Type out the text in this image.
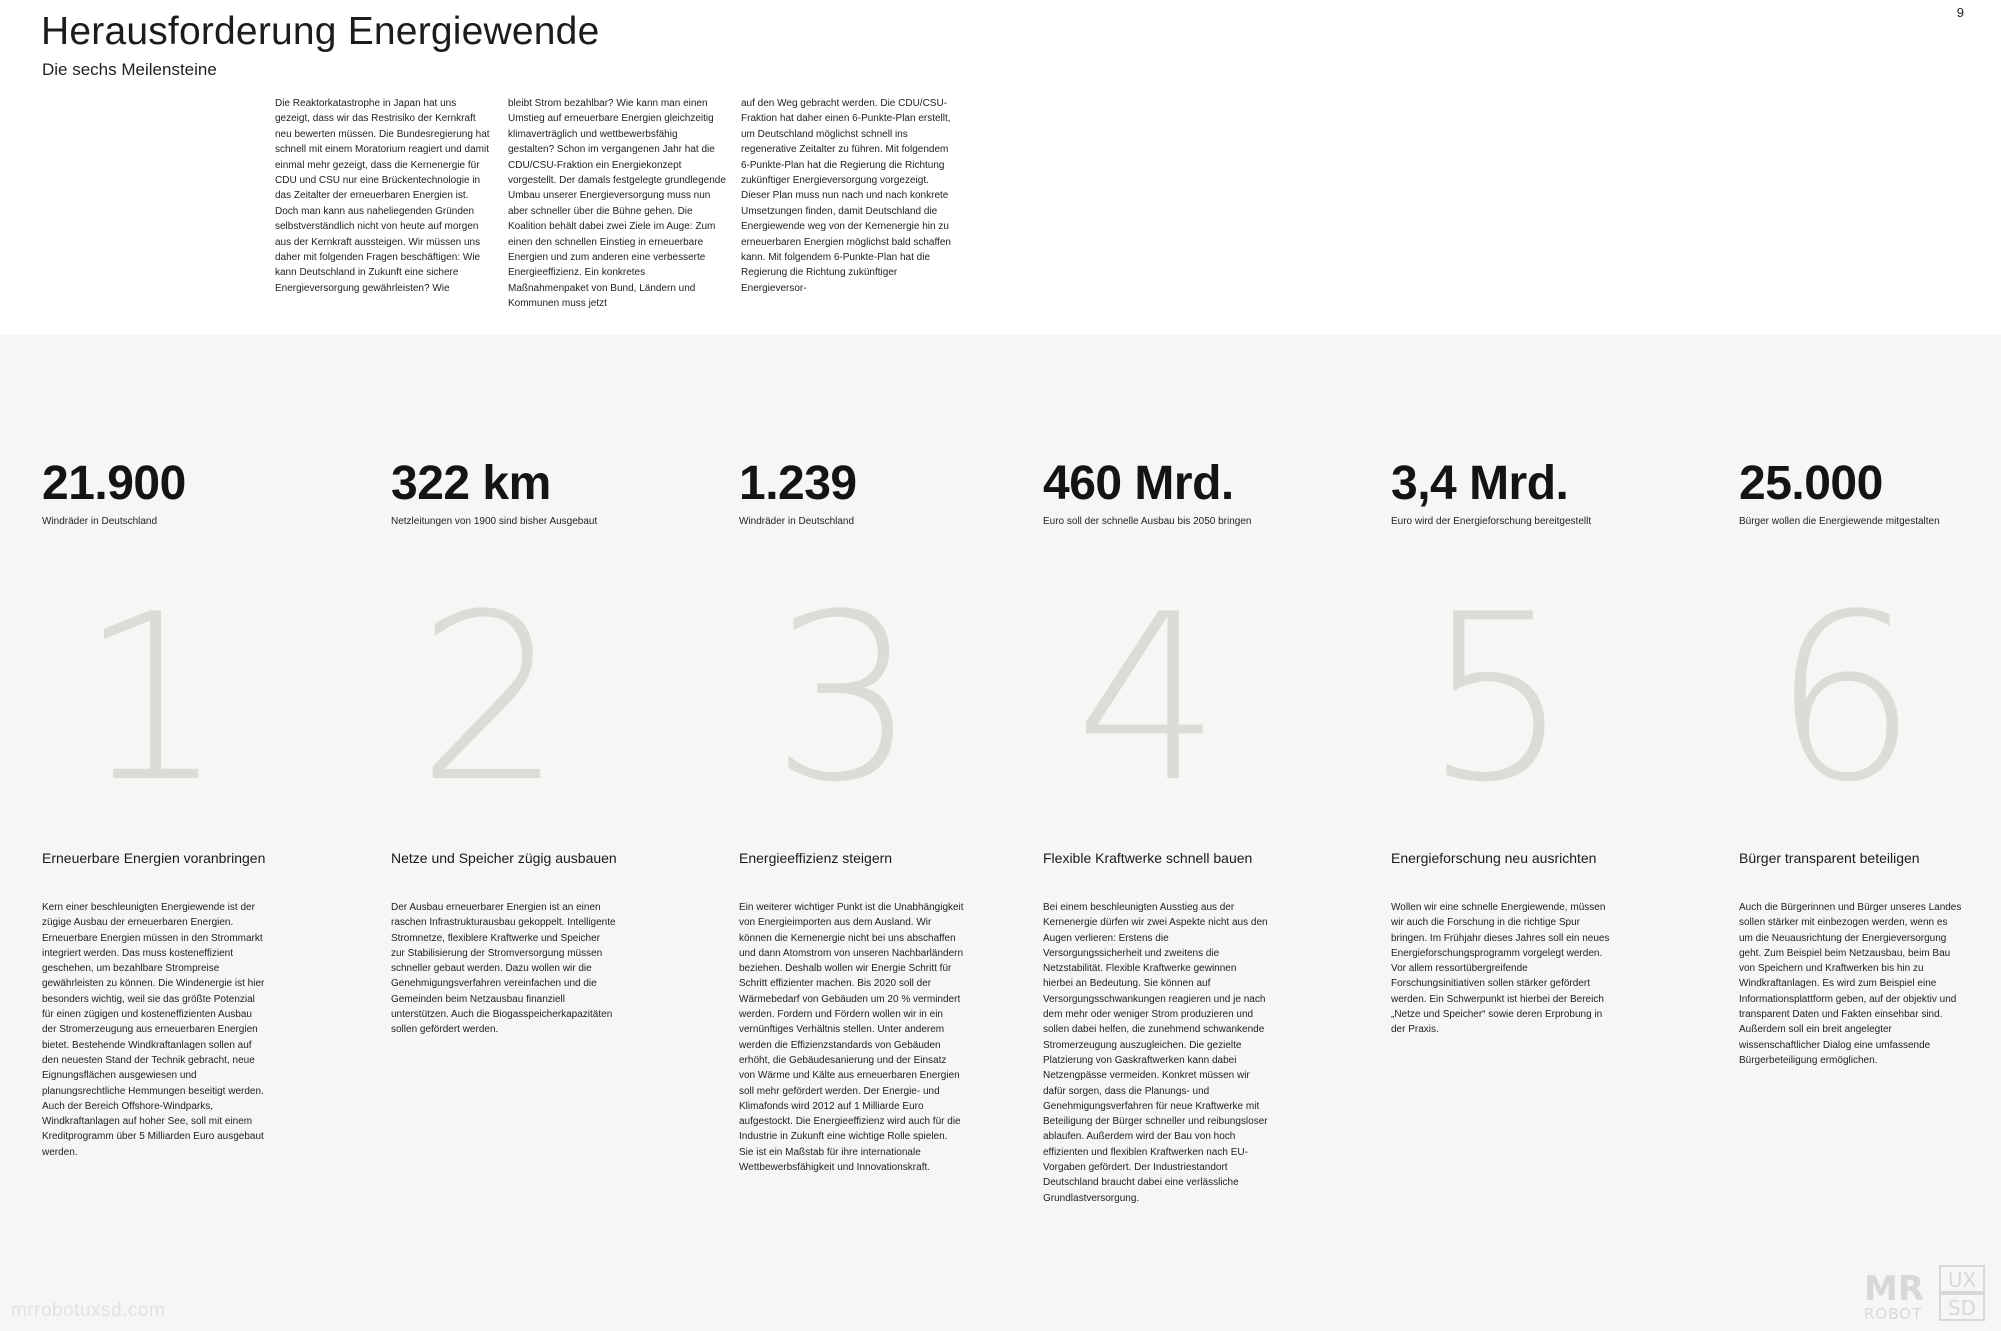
Herausforderung Energiewende
Die sechs Meilensteine
9

Die Reaktorkatastrophe in Japan hat uns gezeigt, dass wir das Restrisiko der Kernkraft neu bewerten müssen. Die Bundesregierung hat schnell mit einem Moratorium reagiert und damit einmal mehr gezeigt, dass die Kernenergie für CDU und CSU nur eine Brückentechnologie in das Zeitalter der erneuerbaren Energien ist. Doch man kann aus naheliegenden Gründen selbstverständlich nicht von heute auf morgen aus der Kernkraft aussteigen. Wir müssen uns daher mit folgenden Fragen beschäftigen: Wie kann Deutschland in Zukunft eine sichere Energieversorgung gewährleisten? Wie

bleibt Strom bezahlbar? Wie kann man einen Umstieg auf erneuerbare Energien gleichzeitig klimaverträglich und wettbewerbsfähig gestalten? Schon im vergangenen Jahr hat die CDU/CSU-Fraktion ein Energiekonzept vorgestellt. Der damals festgelegte grundlegende Umbau unserer Energieversorgung muss nun aber schneller über die Bühne gehen. Die Koalition behält dabei zwei Ziele im Auge: Zum einen den schnellen Einstieg in erneuerbare Energien und zum anderen eine verbesserte Energieeffizienz. Ein konkretes Maßnahmenpaket von Bund, Ländern und Kommunen muss jetzt

auf den Weg gebracht werden. Die CDU/CSU-Fraktion hat daher einen 6-Punkte-Plan erstellt, um Deutschland möglichst schnell ins regenerative Zeitalter zu führen. Mit folgendem 6-Punkte-Plan hat die Regierung die Richtung zukünftiger Energieversorgung vorgezeigt. Dieser Plan muss nun nach und nach konkrete Umsetzungen finden, damit Deutschland die Energiewende weg von der Kernenergie hin zu erneuerbaren Energien möglichst bald schaffen kann. Mit folgendem 6-Punkte-Plan hat die Regierung die Richtung zukünftiger Energieversor-

21.900
Windräder in Deutschland
322 km
Netzleitungen von 1900 sind bisher Ausgebaut
1.239
Windräder in Deutschland
460 Mrd.
Euro soll der schnelle Ausbau bis 2050 bringen
3,4 Mrd.
Euro wird der Energieforschung bereitgestellt
25.000
Bürger wollen die Energiewende mitgestalten
1 2 3 4 5 6
Erneuerbare Energien voranbringen

Kern einer beschleunigten Energiewende ist der zügige Ausbau der erneuerbaren Energien. Erneuerbare Energien müssen in den Strommarkt integriert werden. Das muss kosteneffizient geschehen, um bezahlbare Strompreise gewährleisten zu können. Die Windenergie ist hier besonders wichtig, weil sie das größte Potenzial für einen zügigen und kosteneffizienten Ausbau der Stromerzeugung aus erneuerbaren Energien bietet. Bestehende Windkraftanlagen sollen auf den neuesten Stand der Technik gebracht, neue Eignungsflächen ausgewiesen und planungsrechtliche Hemmungen beseitigt werden. Auch der Bereich Offshore-Windparks, Windkraftanlagen auf hoher See, soll mit einem Kreditprogramm über 5 Milliarden Euro ausgebaut werden.

Netze und Speicher zügig ausbauen

Der Ausbau erneuerbarer Energien ist an einen raschen Infrastrukturausbau gekoppelt. Intelligente Stromnetze, flexiblere Kraftwerke und Speicher zur Stabilisierung der Stromversorgung müssen schneller gebaut werden. Dazu wollen wir die Genehmigungsverfahren vereinfachen und die Gemeinden beim Netzausbau finanziell unterstützen. Auch die Biogasspeicherkapazitäten sollen gefördert werden.

Energieeffizienz steigern

Ein weiterer wichtiger Punkt ist die Unabhängigkeit von Energieimporten aus dem Ausland. Wir können die Kernenergie nicht bei uns abschaffen und dann Atomstrom von unseren Nachbarländern beziehen. Deshalb wollen wir Energie Schritt für Schritt effizienter machen. Bis 2020 soll der Wärmebedarf von Gebäuden um 20 % vermindert werden. Fordern und Fördern wollen wir in ein vernünftiges Verhältnis stellen. Unter anderem werden die Effizienzstandards von Gebäuden erhöht, die Gebäudesanierung und der Einsatz von Wärme und Kälte aus erneuerbaren Energien soll mehr gefördert werden. Der Energie- und Klimafonds wird 2012 auf 1 Milliarde Euro aufgestockt. Die Energieeffizienz wird auch für die Industrie in Zukunft eine wichtige Rolle spielen. Sie ist ein Maßstab für ihre internationale Wettbewerbsfähigkeit und Innovationskraft.

Flexible Kraftwerke schnell bauen

Bei einem beschleunigten Ausstieg aus der Kernenergie dürfen wir zwei Aspekte nicht aus den Augen verlieren: Erstens die Versorgungssicherheit und zweitens die Netzstabilität. Flexible Kraftwerke gewinnen hierbei an Bedeutung. Sie können auf Versorgungsschwankungen reagieren und je nach dem mehr oder weniger Strom produzieren und sollen dabei helfen, die zunehmend schwankende Stromerzeugung auszugleichen. Die gezielte Platzierung von Gaskraftwerken kann dabei Netzengpässe vermeiden. Konkret müssen wir dafür sorgen, dass die Planungs- und Genehmigungsverfahren für neue Kraftwerke mit Beteiligung der Bürger schneller und reibungsloser ablaufen. Außerdem wird der Bau von hoch effizienten und flexiblen Kraftwerken nach EU-Vorgaben gefördert. Der Industriestandort Deutschland braucht dabei eine verlässliche Grundlastversorgung.

Energieforschung neu ausrichten

Wollen wir eine schnelle Energiewende, müssen wir auch die Forschung in die richtige Spur bringen. Im Frühjahr dieses Jahres soll ein neues Energieforschungsprogramm vorgelegt werden. Vor allem ressortübergreifende Forschungsinitiativen sollen stärker gefördert werden. Ein Schwerpunkt ist hierbei der Bereich „Netze und Speicher“ sowie deren Erprobung in der Praxis.

Bürger transparent beteiligen

Auch die Bürgerinnen und Bürger unseres Landes sollen stärker mit einbezogen werden, wenn es um die Neuausrichtung der Energieversorgung geht. Zum Beispiel beim Netzausbau, beim Bau von Speichern und Kraftwerken bis hin zu Windkraftanlagen. Es wird zum Beispiel eine Informationsplattform geben, auf der objektiv und transparent Daten und Fakten einsehbar sind. Außerdem soll ein breit angelegter wissenschaftlicher Dialog eine umfassende Bürgerbeteiligung ermöglichen.

mrrobotuxsd.com
MR
ROBOT
UX
SD
